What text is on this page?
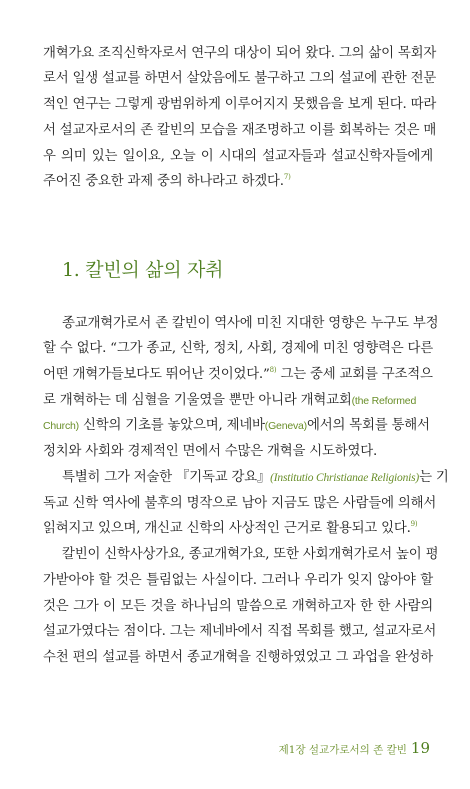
개혁가요 조직신학자로서 연구의 대상이 되어 왔다. 그의 삶이 목회자
로서 일생 설교를 하면서 살았음에도 불구하고 그의 설교에 관한 전문
적인 연구는 그렇게 광범위하게 이루어지지 못했음을 보게 된다. 따라
서 설교자로서의 존 칼빈의 모습을 재조명하고 이를 회복하는 것은 매
우 의미 있는 일이요, 오늘 이 시대의 설교자들과 설교신학자들에게
주어진 중요한 과제 중의 하나라고 하겠다.$^{7)}$
1. 칼빈의 삶의 자취
종교개혁가로서 존 칼빈이 역사에 미친 지대한 영향은 누구도 부정
할 수 없다. “그가 종교, 신학, 정치, 사회, 경제에 미친 영향력은 다른
어떤 개혁가들보다도 뛰어난 것이었다.”$^{8)}$ 그는 중세 교회를 구조적으
로 개혁하는 데 심혈을 기울였을 뿐만 아니라 개혁교회(the Reformed
Church) 신학의 기초를 놓았으며, 제네바(Geneva)에서의 목회를 통해서
정치와 사회와 경제적인 면에서 수많은 개혁을 시도하였다.
특별히 그가 저술한 『기독교 강요』(Institutio Christianae Religionis)는 기
독교 신학 역사에 불후의 명작으로 남아 지금도 많은 사람들에 의해서
읽혀지고 있으며, 개신교 신학의 사상적인 근거로 활용되고 있다.$^{9)}$
칼빈이 신학사상가요, 종교개혁가요, 또한 사회개혁가로서 높이 평
가받아야 할 것은 틀림없는 사실이다. 그러나 우리가 잊지 않아야 할
것은 그가 이 모든 것을 하나님의 말씀으로 개혁하고자 한 한 사람의
설교가였다는 점이다. 그는 제네바에서 직접 목회를 했고, 설교자로서
수천 편의 설교를 하면서 종교개혁을 진행하였었고 그 과업을 완성하
제1장 설교가로서의 존 칼빈 19
